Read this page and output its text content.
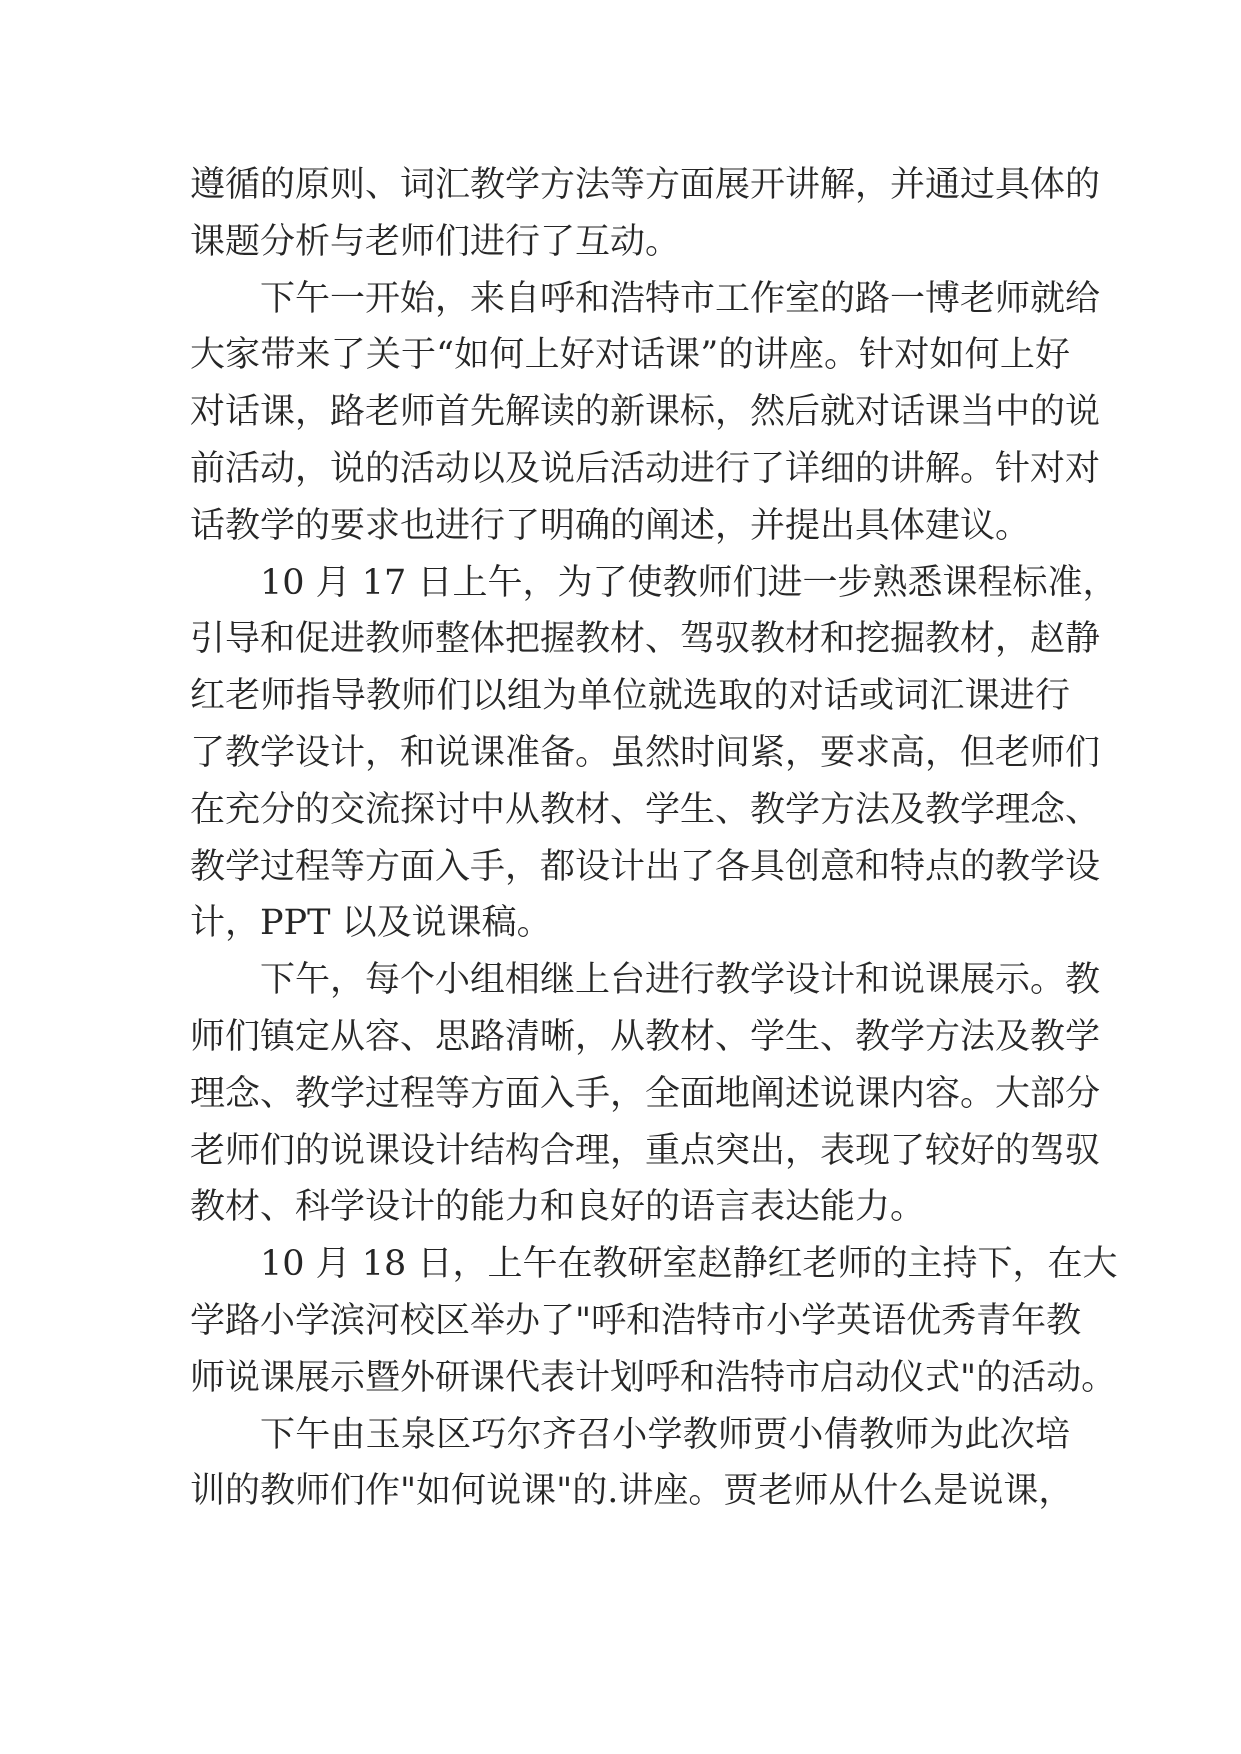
遵循的原则、词汇教学方法等方面展开讲解，并通过具体的
课题分析与老师们进行了互动。
下午一开始，来自呼和浩特市工作室的路一博老师就给
大家带来了关于“如何上好对话课”的讲座。针对如何上好
对话课，路老师首先解读的新课标，然后就对话课当中的说
前活动，说的活动以及说后活动进行了详细的讲解。针对对
话教学的要求也进行了明确的阐述，并提出具体建议。
10 月 17 日上午，为了使教师们进一步熟悉课程标准，
引导和促进教师整体把握教材、驾驭教材和挖掘教材，赵静
红老师指导教师们以组为单位就选取的对话或词汇课进行
了教学设计，和说课准备。虽然时间紧，要求高，但老师们
在充分的交流探讨中从教材、学生、教学方法及教学理念、
教学过程等方面入手，都设计出了各具创意和特点的教学设
计，PPT 以及说课稿。
下午，每个小组相继上台进行教学设计和说课展示。教
师们镇定从容、思路清晰，从教材、学生、教学方法及教学
理念、教学过程等方面入手，全面地阐述说课内容。大部分
老师们的说课设计结构合理，重点突出，表现了较好的驾驭
教材、科学设计的能力和良好的语言表达能力。
10 月 18 日，上午在教研室赵静红老师的主持下，在大
学路小学滨河校区举办了"呼和浩特市小学英语优秀青年教
师说课展示暨外研课代表计划呼和浩特市启动仪式"的活动。
下午由玉泉区巧尔齐召小学教师贾小倩教师为此次培
训的教师们作"如何说课"的.讲座。贾老师从什么是说课，
